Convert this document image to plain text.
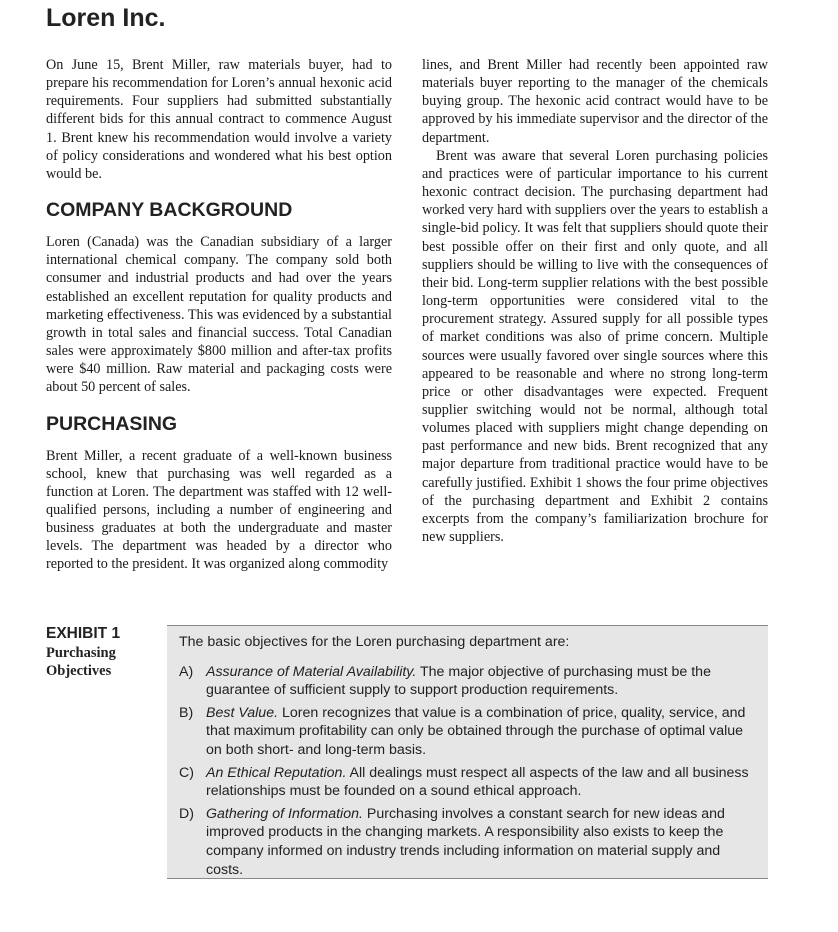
Loren Inc.

On June 15, Brent Miller, raw materials buyer, had to prepare his recommendation for Loren’s annual hexonic acid requirements. Four suppliers had submitted substantially different bids for this annual contract to commence August 1. Brent knew his recommendation would involve a variety of policy considerations and wondered what his best option would be.

COMPANY BACKGROUND

Loren (Canada) was the Canadian subsidiary of a larger international chemical company. The company sold both consumer and industrial products and had over the years established an excellent reputation for quality products and marketing effectiveness. This was evidenced by a substantial growth in total sales and financial success. Total Canadian sales were approximately $800 million and after-tax profits were $40 million. Raw material and packaging costs were about 50 percent of sales.

PURCHASING

Brent Miller, a recent graduate of a well-known business school, knew that purchasing was well regarded as a function at Loren. The department was staffed with 12 well-qualified persons, including a number of engineering and business graduates at both the undergraduate and master levels. The department was headed by a director who reported to the president. It was organized along commodity

lines, and Brent Miller had recently been appointed raw materials buyer reporting to the manager of the chemicals buying group. The hexonic acid contract would have to be approved by his immediate supervisor and the director of the department.

Brent was aware that several Loren purchasing policies and practices were of particular importance to his current hexonic contract decision. The purchasing department had worked very hard with suppliers over the years to establish a single-bid policy. It was felt that suppliers should quote their best possible offer on their first and only quote, and all suppliers should be willing to live with the consequences of their bid. Long-term supplier relations with the best possible long-term opportunities were considered vital to the procurement strategy. Assured supply for all possible types of market conditions was also of prime concern. Multiple sources were usually favored over single sources where this appeared to be reasonable and where no strong long-term price or other disadvantages were expected. Frequent supplier switching would not be normal, although total volumes placed with suppliers might change depending on past performance and new bids. Brent recognized that any major departure from traditional practice would have to be carefully justified. Exhibit 1 shows the four prime objectives of the purchasing department and Exhibit 2 contains excerpts from the company’s familiarization brochure for new suppliers.

EXHIBIT 1
Purchasing
Objectives

The basic objectives for the Loren purchasing department are:

A) Assurance of Material Availability. The major objective of purchasing must be the guarantee of sufficient supply to support production requirements.
B) Best Value. Loren recognizes that value is a combination of price, quality, service, and that maximum profitability can only be obtained through the purchase of optimal value on both short- and long-term basis.
C) An Ethical Reputation. All dealings must respect all aspects of the law and all business relationships must be founded on a sound ethical approach.
D) Gathering of Information. Purchasing involves a constant search for new ideas and improved products in the changing markets. A responsibility also exists to keep the company informed on industry trends including information on material supply and costs.
